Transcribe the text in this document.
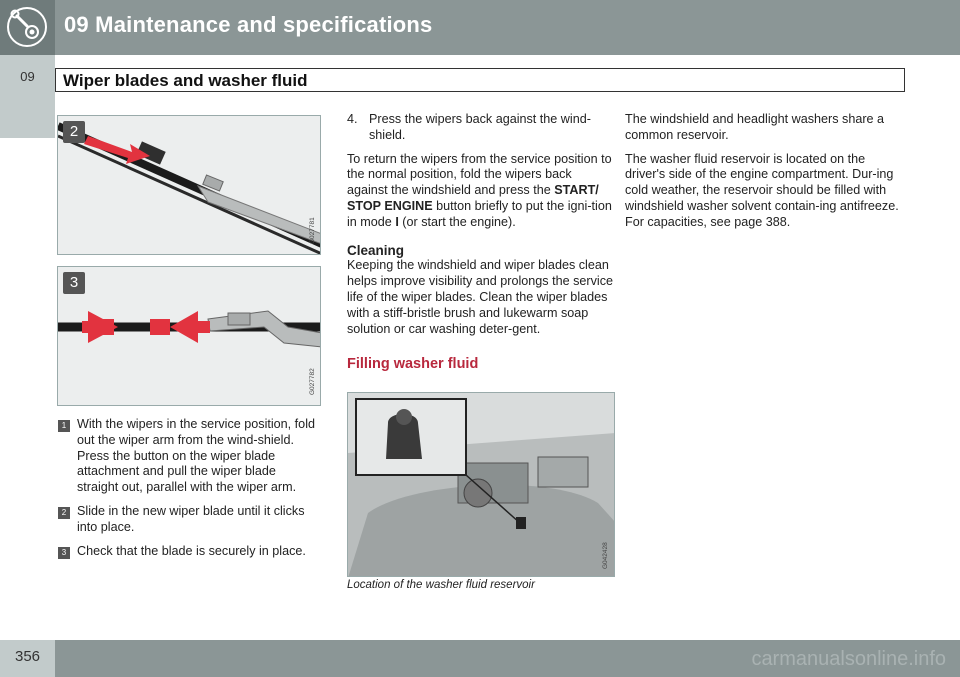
09 Maintenance and specifications
09	Wiper blades and washer fluid
2
G027781
3
G027782
1 With the wipers in the service position, fold out the wiper arm from the wind-shield. Press the button on the wiper blade attachment and pull the wiper blade straight out, parallel with the wiper arm.
2 Slide in the new wiper blade until it clicks into place.
3 Check that the blade is securely in place.
4. Press the wipers back against the wind-shield.

To return the wipers from the service position to the normal position, fold the wipers back against the windshield and press the START/ STOP ENGINE button briefly to put the igni-tion in mode I (or start the engine).

Cleaning

Keeping the windshield and wiper blades clean helps improve visibility and prolongs the service life of the wiper blades. Clean the wiper blades with a stiff-bristle brush and lukewarm soap solution or car washing deter-gent.

Filling washer fluid
G042428
Location of the washer fluid reservoir

The windshield and headlight washers share a common reservoir.

The washer fluid reservoir is located on the driver's side of the engine compartment. Dur-ing cold weather, the reservoir should be filled with windshield washer solvent contain-ing antifreeze. For capacities, see page 388.

356	carmanualsonline.info
